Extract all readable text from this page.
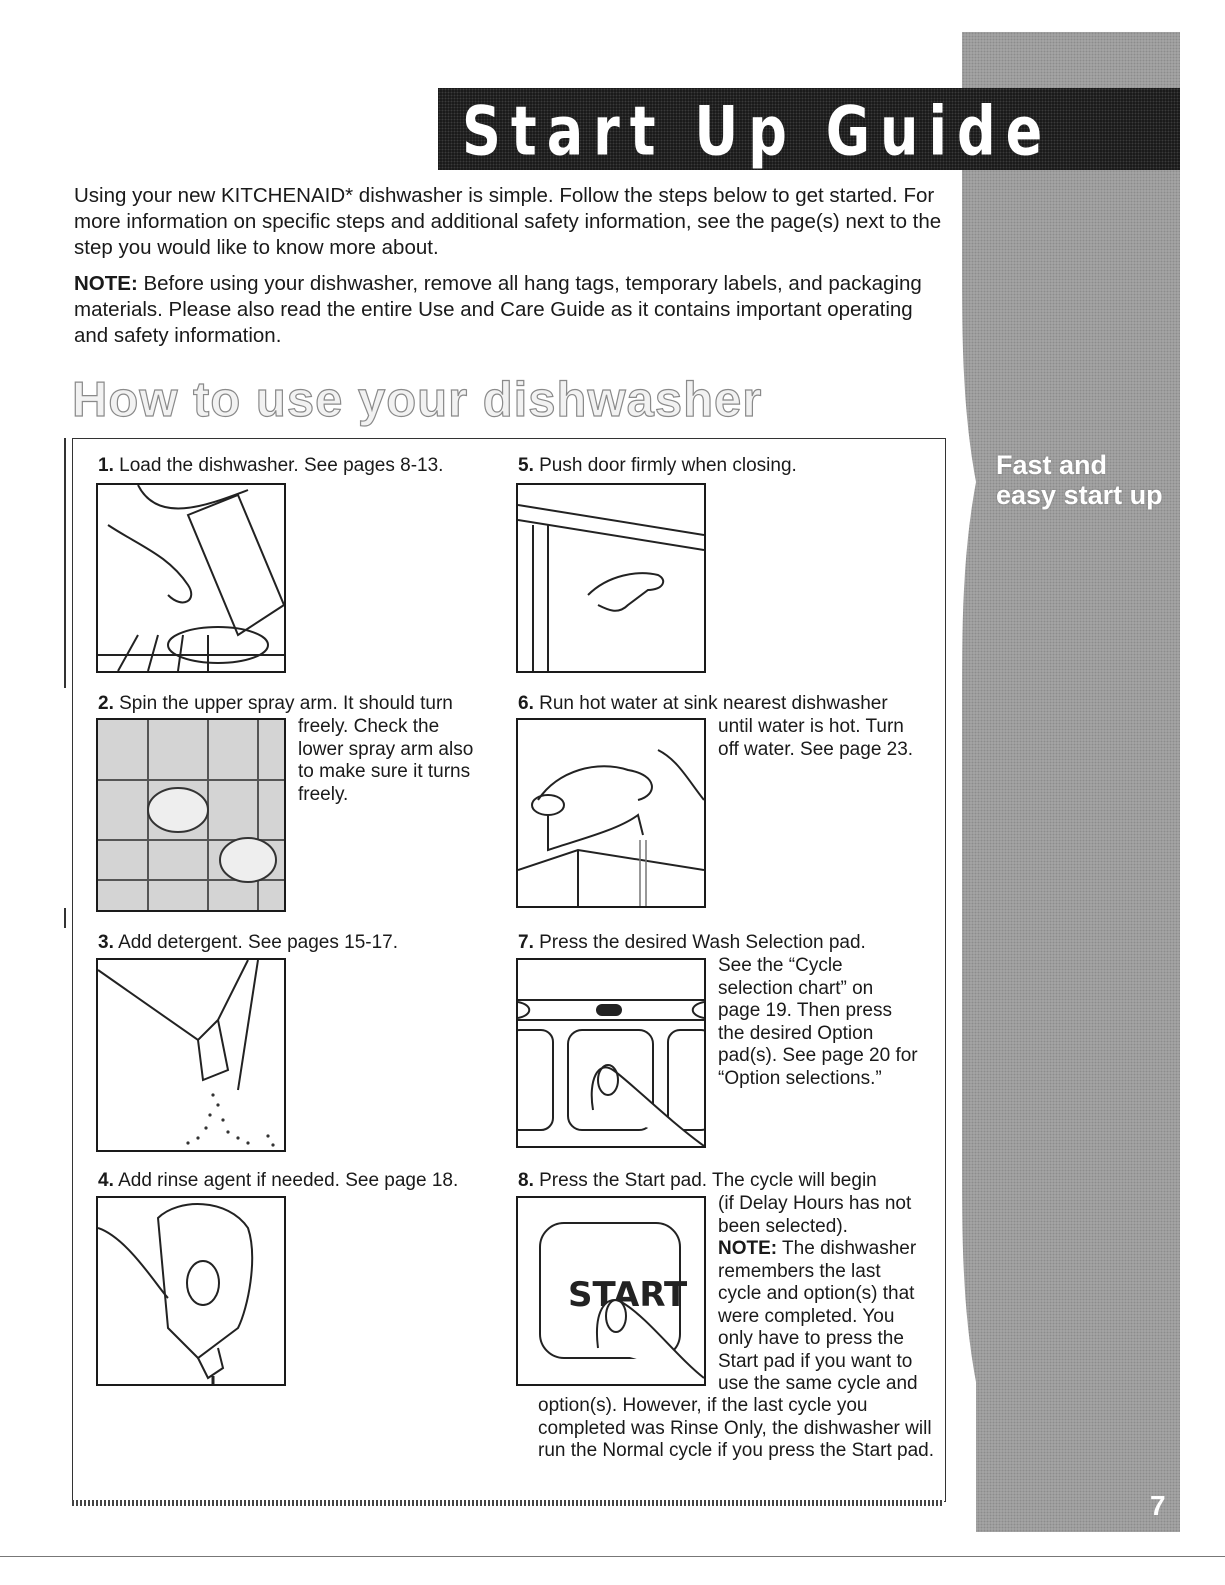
Fast and easy start up
7
Start Up Guide

Using your new KITCHENAID* dishwasher is simple. Follow the steps below to get started. For more information on specific steps and additional safety information, see the page(s) next to the step you would like to know more about.

NOTE: Before using your dishwasher, remove all hang tags, temporary labels, and packaging materials. Please also read the entire Use and Care Guide as it contains important operating and safety information.

How to use your dishwasher
1. Load the dishwasher. See pages 8-13.
2. Spin the upper spray arm. It should turn
freely. Check the lower spray arm also to make sure it turns freely.
3. Add detergent. See pages 15-17.
4. Add rinse agent if needed. See page 18.
5. Push door firmly when closing.
6. Run hot water at sink nearest dishwasher
until water is hot. Turn off water. See page 23.
7. Press the desired Wash Selection pad.
See the “Cycle selection chart” on page 19. Then press the desired Option pad(s). See page 20 for “Option selections.”
8. Press the Start pad. The cycle will begin
START
(if Delay Hours has not been selected).
NOTE: The dishwasher remembers the last cycle and option(s) that were completed. You only have to press the Start pad if you want to use the same cycle and
option(s). However, if the last cycle you completed was Rinse Only, the dishwasher will run the Normal cycle if you press the Start pad.
